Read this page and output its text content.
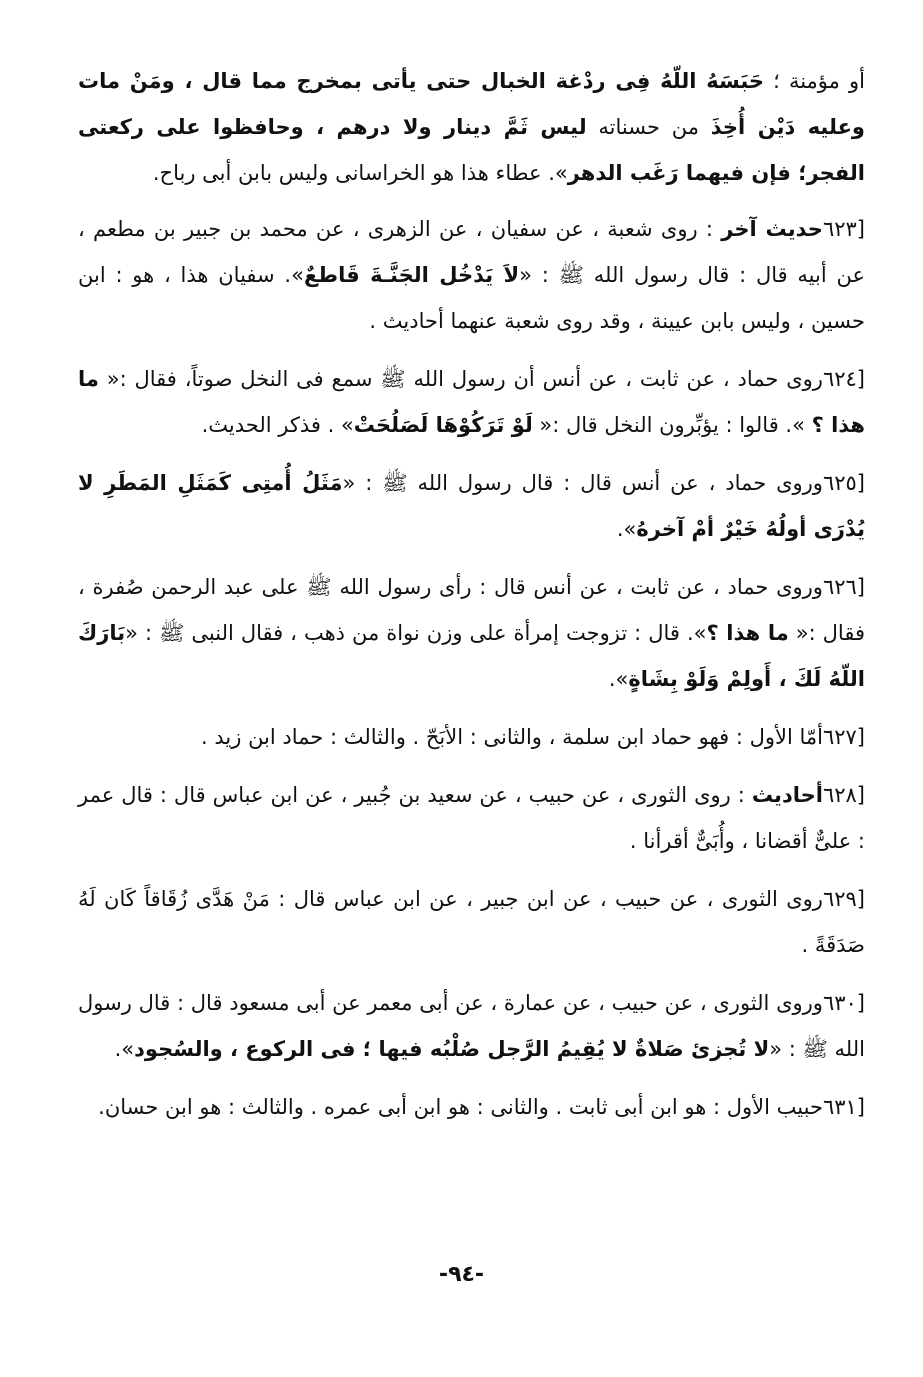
أو مؤمنة ؛ حَبَسَهُ اللّهُ فِى ردْغة الخبال حتى يأتى بمخرج مما قال ، ومَنْ مات وعليه دَيْن أُخِذَ من حسناته ليس ثَمَّ دينار ولا درهم ، وحافظوا على ركعتى الفجر؛ فإن فيهما رَغَب الدهر». عطاء هذا هو الخراسانى وليس بابن أبى رباح.

[٦٢٣حديث آخر : روى شعبة ، عن سفيان ، عن الزهرى ، عن محمد بن جبير بن مطعم ، عن أبيه قال : قال رسول الله ﷺ : «لاَ يَدْخُل الجَنَّـةَ قَاطعٌ». سفيان هذا ، هو : ابن حسين ، وليس بابن عيينة ، وقد روى شعبة عنهما أحاديث .

[٦٢٤روى حماد ، عن ثابت ، عن أنس أن رسول الله ﷺ سمع فى النخل صوتاً، فقال :« ما هذا ؟ ». قالوا : يؤبِّرون النخل قال :« لَوْ تَرَكُوْهَا لَصَلُحَتْ» . فذكر الحديث.

[٦٢٥وروى حماد ، عن أنس قال : قال رسول الله ﷺ : «مَثَلُ أُمتِى كَمَثَلِ المَطَرِ لا يُدْرَى أولُهُ خَيْرٌ أمْ آخرهُ».

[٦٢٦وروى حماد ، عن ثابت ، عن أنس قال : رأى رسول الله ﷺ على عبد الرحمن صُفرة ، فقال :« ما هذا ؟». قال : تزوجت إمرأة على وزن نواة من ذهب ، فقال النبى ﷺ : «بَارَكَ اللّهُ لَكَ ، أَولِمْ وَلَوْ بِشَاةٍ».

[٦٢٧أمّا الأول : فهو حماد ابن سلمة ، والثانى : الأبَحّ . والثالث : حماد ابن زيد .

[٦٢٨أحاديث : روى الثورى ، عن حبيب ، عن سعيد بن جُبير ، عن ابن عباس قال : قال عمر : علىٌّ أقضانا ، وأُبَىٌّ أقرأنا .

[٦٢٩روى الثورى ، عن حبيب ، عن ابن جبير ، عن ابن عباس قال : مَنْ هَدَّى زُقَاقاً كَان لَهُ صَدَقَةً .

[٦٣٠وروى الثورى ، عن حبيب ، عن عمارة ، عن أبى معمر عن أبى مسعود قال : قال رسول الله ﷺ : «لا تُجزئ صَلاةٌ لا يُقِيمُ الرَّجل صُلْبُه فيها ؛ فى الركوع ، والسُجود».

[٦٣١حبيب الأول : هو ابن أبى ثابت . والثانى : هو ابن أبى عمره . والثالث : هو ابن حسان.

-٩٤-
